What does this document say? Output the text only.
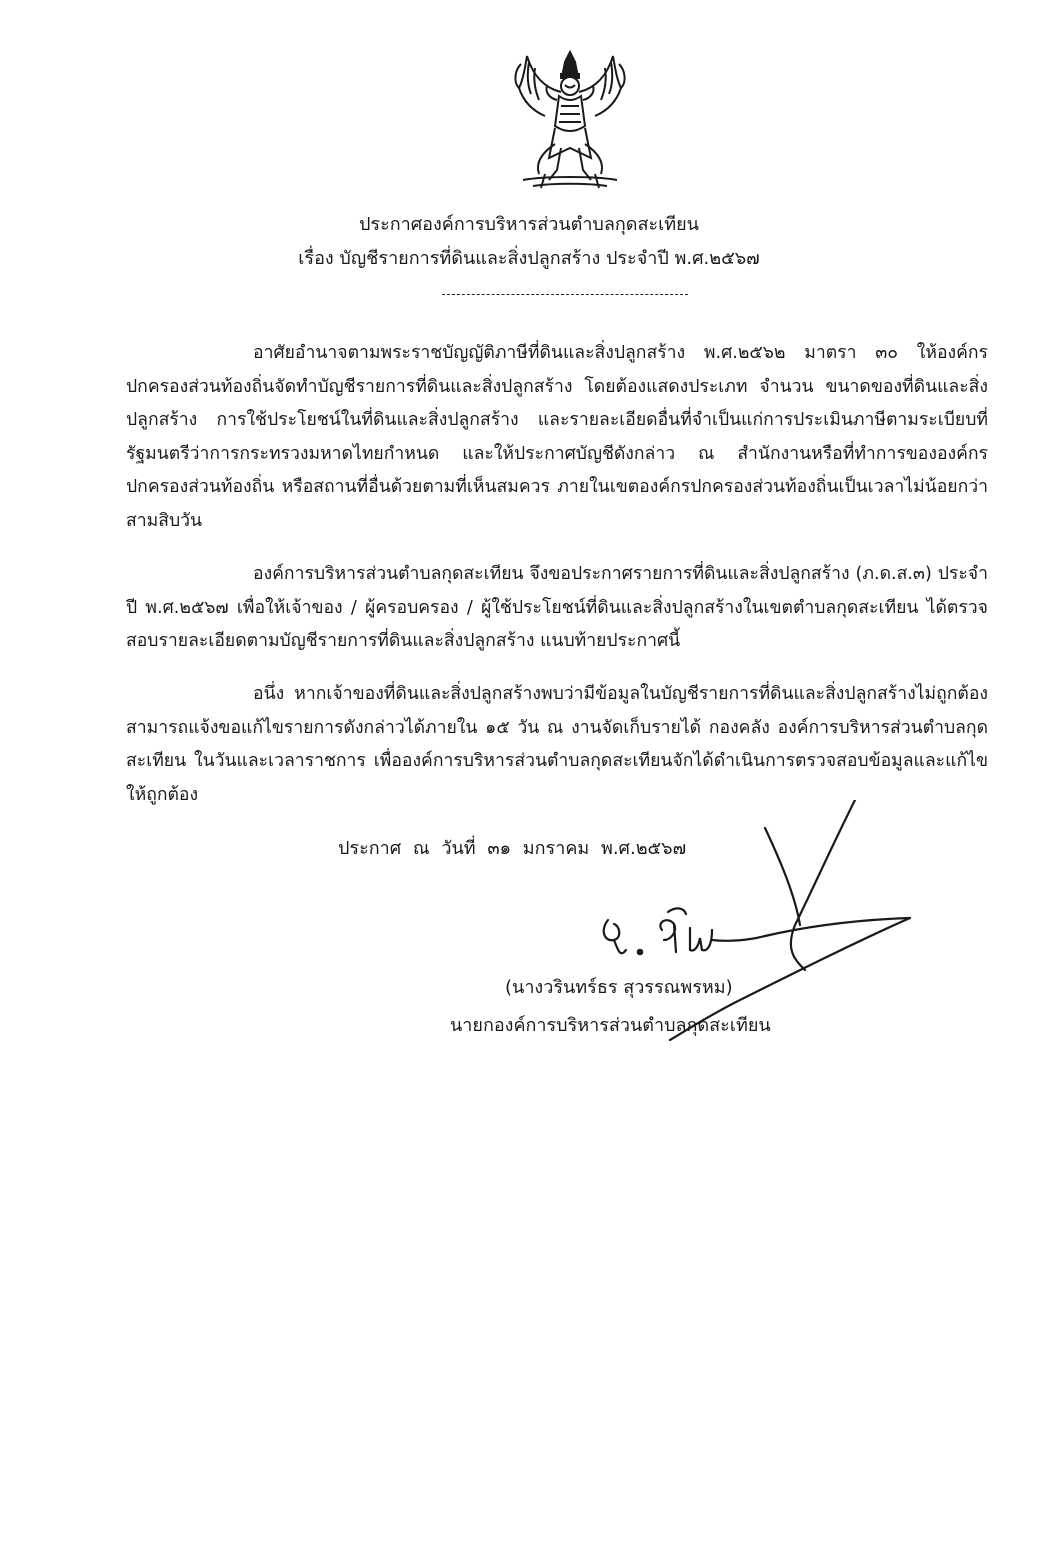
ประกาศองค์การบริหารส่วนตำบลกุดสะเทียน
เรื่อง บัญชีรายการที่ดินและสิ่งปลูกสร้าง ประจำปี พ.ศ.๒๕๖๗

อาศัยอำนาจตามพระราชบัญญัติภาษีที่ดินและสิ่งปลูกสร้าง พ.ศ.๒๕๖๒ มาตรา ๓๐ ให้องค์กรปกครองส่วนท้องถิ่นจัดทำบัญชีรายการที่ดินและสิ่งปลูกสร้าง โดยต้องแสดงประเภท จำนวน ขนาดของที่ดินและสิ่งปลูกสร้าง การใช้ประโยชน์ในที่ดินและสิ่งปลูกสร้าง และรายละเอียดอื่นที่จำเป็นแก่การประเมินภาษีตามระเบียบที่รัฐมนตรีว่าการกระทรวงมหาดไทยกำหนด และให้ประกาศบัญชีดังกล่าว ณ สำนักงานหรือที่ทำการขององค์กรปกครองส่วนท้องถิ่น หรือสถานที่อื่นด้วยตามที่เห็นสมควร ภายในเขตองค์กรปกครองส่วนท้องถิ่นเป็นเวลาไม่น้อยกว่าสามสิบวัน

องค์การบริหารส่วนตำบลกุดสะเทียน จึงขอประกาศรายการที่ดินและสิ่งปลูกสร้าง (ภ.ด.ส.๓) ประจำปี พ.ศ.๒๕๖๗ เพื่อให้เจ้าของ / ผู้ครอบครอง / ผู้ใช้ประโยชน์ที่ดินและสิ่งปลูกสร้างในเขตตำบลกุดสะเทียน ได้ตรวจสอบรายละเอียดตามบัญชีรายการที่ดินและสิ่งปลูกสร้าง แนบท้ายประกาศนี้

อนึ่ง หากเจ้าของที่ดินและสิ่งปลูกสร้างพบว่ามีข้อมูลในบัญชีรายการที่ดินและสิ่งปลูกสร้างไม่ถูกต้อง สามารถแจ้งขอแก้ไขรายการดังกล่าวได้ภายใน ๑๕ วัน ณ งานจัดเก็บรายได้ กองคลัง องค์การบริหารส่วนตำบลกุดสะเทียน ในวันและเวลาราชการ เพื่อองค์การบริหารส่วนตำบลกุดสะเทียนจักได้ดำเนินการตรวจสอบข้อมูลและแก้ไขให้ถูกต้อง

ประกาศ ณ วันที่ ๓๑ มกราคม พ.ศ.๒๕๖๗
(นางวรินทร์ธร สุวรรณพรหม)
นายกองค์การบริหารส่วนตำบลกุดสะเทียน
